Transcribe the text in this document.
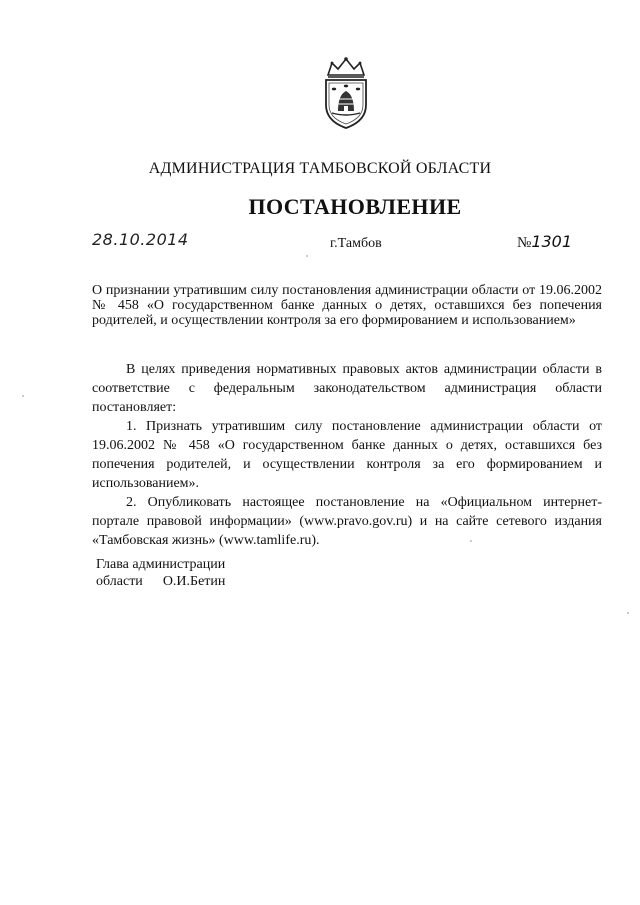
АДМИНИСТРАЦИЯ ТАМБОВСКОЙ ОБЛАСТИ
ПОСТАНОВЛЕНИЕ
28.10.2014	г.Тамбов	№1301
О признании утратившим силу постановления администрации области от 19.06.2002 № 458 «О государственном банке данных о детях, оставшихся без попечения родителей, и осуществлении контроля за его формированием и использованием»

В целях приведения нормативных правовых актов администрации области в соответствие с федеральным законодательством администрация области постановляет:

1. Признать утратившим силу постановление администрации области от 19.06.2002 № 458 «О государственном банке данных о детях, оставшихся без попечения родителей, и осуществлении контроля за его формированием и использованием».

2. Опубликовать настоящее постановление на «Официальном интернет-портале правовой информации» (www.pravo.gov.ru) и на сайте сетевого издания «Тамбовская жизнь» (www.tamlife.ru).

Глава администрации
области О.И.Бетин
